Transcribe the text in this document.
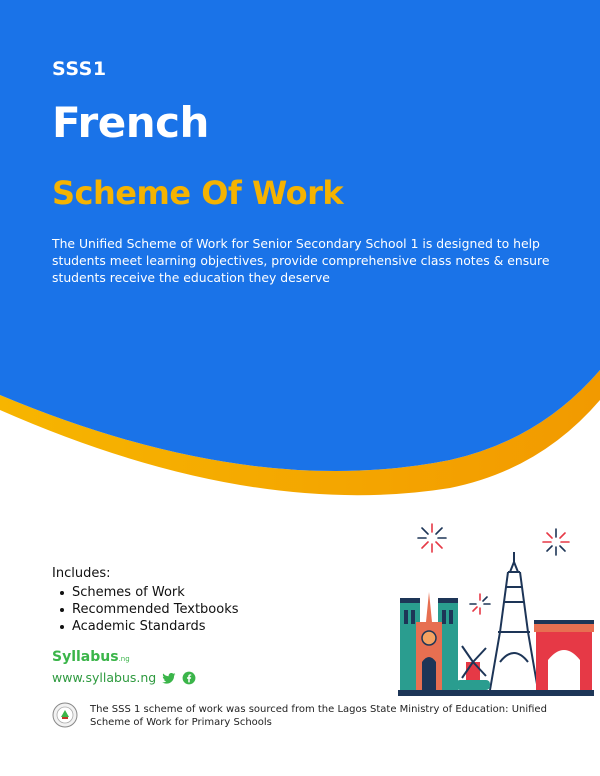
SSS1
French
Scheme Of Work

The Unified Scheme of Work for Senior Secondary School 1 is designed to help students meet learning objectives, provide comprehensive class notes & ensure students receive the education they deserve

Includes:
Schemes of Work
Recommended Textbooks
Academic Standards
Syllabus.ng
www.syllabus.ng

The SSS 1 scheme of work was sourced from the Lagos State Ministry of Education: Unified Scheme of Work for Primary Schools
